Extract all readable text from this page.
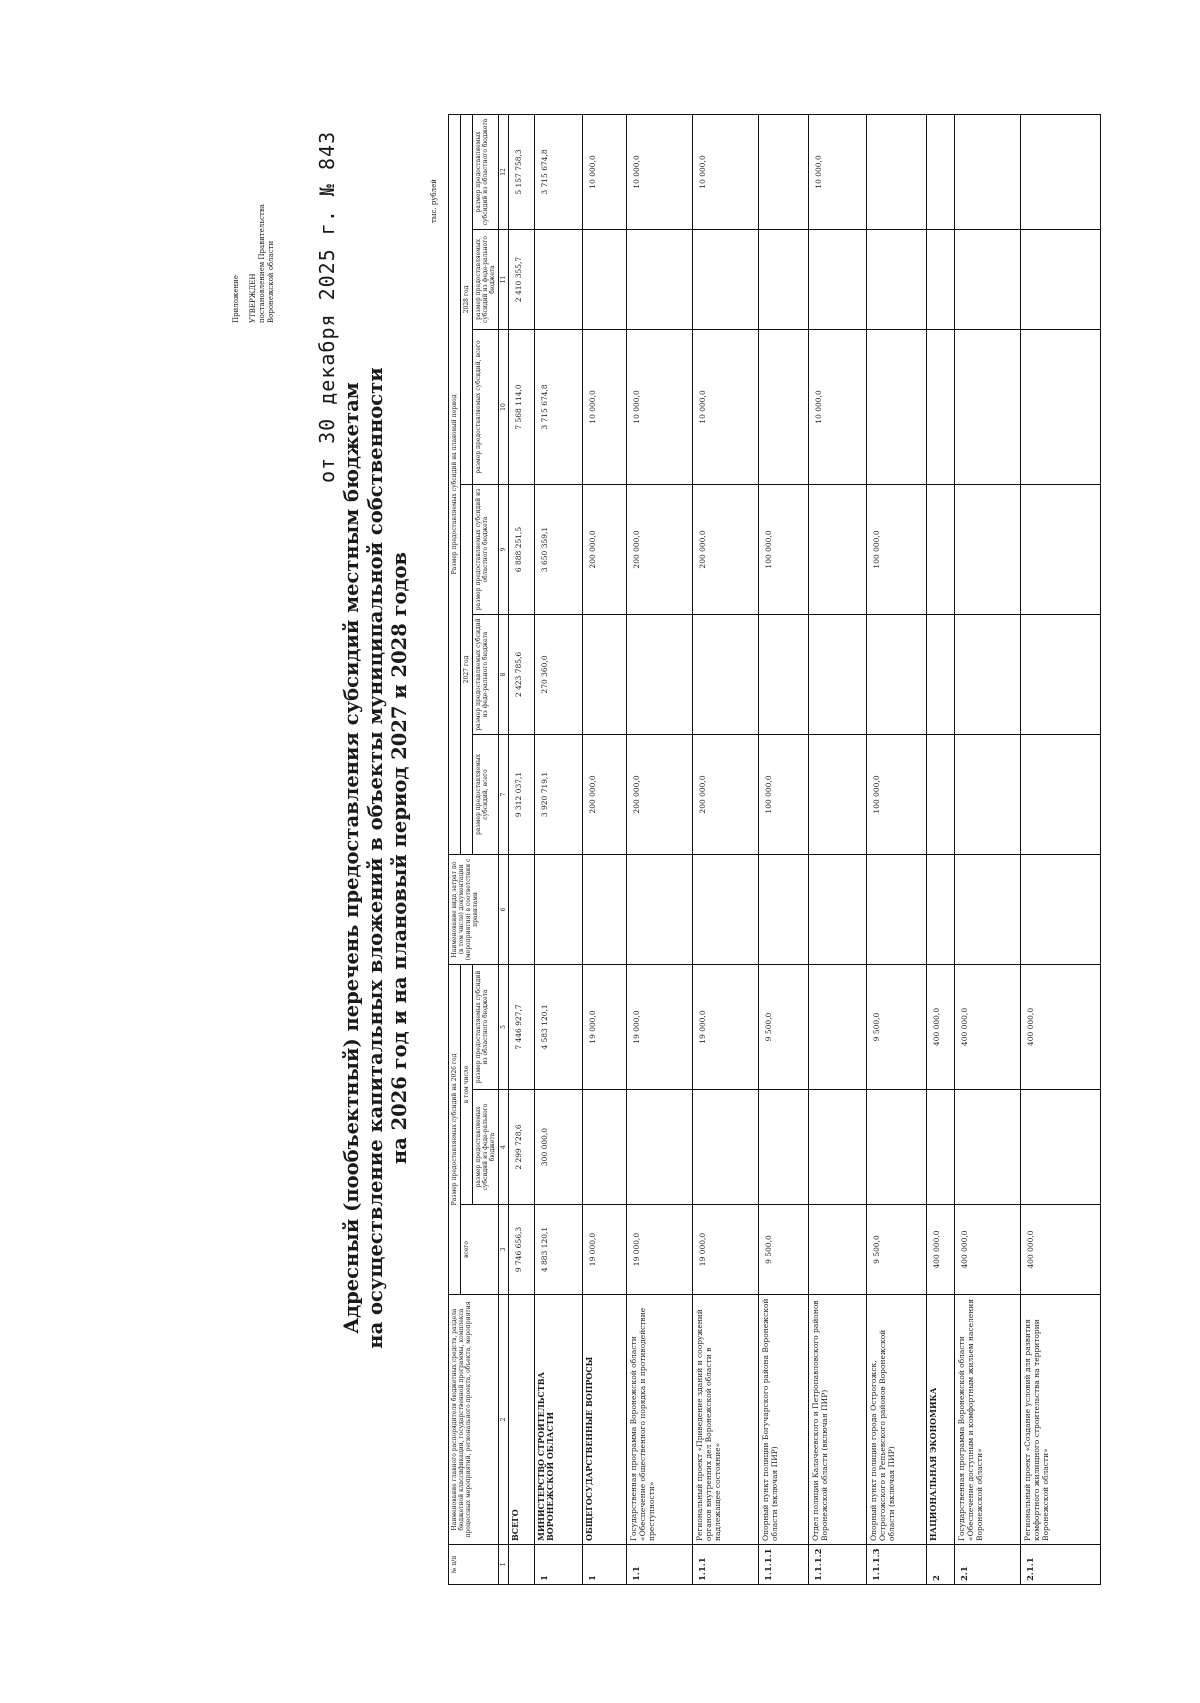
Приложение УТВЕРЖДЕН постановлением Правительства Воронежской области от 30 декабря 2025 г. № 843
Адресный (пообъектный) перечень предоставления субсидий местным бюджетам на осуществление капитальных вложений в объекты муниципальной собственности на 2026 год и на плановый период 2027 и 2028 годов
тыс. рублей
№ п/п	Наименование главного распорядителя бюджетных средств, раздела бюджетной классификации, государственной программы, комплекса процессных мероприятий, регионального проекта, объекта, мероприятия	Размер предоставляемых субсидий на 2026 год			Наименование вида затрат по (в том числе) документации (мероприятия) в соответствии с правилами	Размер предоставляемых субсидий на плановый период					
		всего	в том числе			2027 год			2028 год		
			размер предоставляемых субсидий из феде-рального бюджета	размер предоставляемых субсидий из областного бюджета		размер предоставляемых субсидий, всего	размер предоставляемых субсидий из феде-рального бюджета	размер предоставляемых субсидий из областного бюджета	размер предоставляемых субсидий, всего	размер предоставляемых субсидий из феде-рального бюджета	размер предоставляемых субсидий из областного бюджета
1	2	3	4	5	6	7	8	9	10	11	12
	ВСЕГО	9 746 656,3	2 299 728,6	7 446 927,7		9 312 037,1	2 423 785,6	6 888 251,5	7 568 114,0	2 410 355,7	5 157 758,3
1	МИНИСТЕРСТВО СТРОИТЕЛЬСТВА ВОРОНЕЖСКОЙ ОБЛАСТИ	4 883 120,1	300 000,0	4 583 120,1		3 920 719,1	270 360,0	3 650 359,1	3 715 674,8		3 715 674,8
1	ОБЩЕГОСУДАРСТВЕННЫЕ ВОПРОСЫ	19 000,0		19 000,0		200 000,0		200 000,0	10 000,0		10 000,0
1.1	Государственная программа Воронежской области «Обеспечение общественного порядка и противодействие преступности»	19 000,0		19 000,0		200 000,0		200 000,0	10 000,0		10 000,0
1.1.1	Региональный проект «Приведение зданий и сооружений органов внутренних дел Воронежской области в надлежащее состояние»	19 000,0		19 000,0		200 000,0		200 000,0	10 000,0		10 000,0
1.1.1.1	Опорный пункт полиции Богучарского района Воронежской области (включая ПИР)	9 500,0		9 500,0		100 000,0		100 000,0			
1.1.1.2	Отдел полиции Калачеевского и Петропавловского районов Воронежской области (включая ПИР)								10 000,0		10 000,0
1.1.1.3	Опорный пункт полиции города Острогожск, Острогожского и Репьевского районов Воронежской области (включая ПИР)	9 500,0		9 500,0		100 000,0		100 000,0			
2	НАЦИОНАЛЬНАЯ ЭКОНОМИКА	400 000,0		400 000,0							
2.1	Государственная программа Воронежской области «Обеспечение доступным и комфортным жильем населения Воронежской области»	400 000,0		400 000,0							
2.1.1	Региональный проект «Создание условий для развития комфортного жилищного строительства на территории Воронежской области»	400 000,0		400 000,0							
